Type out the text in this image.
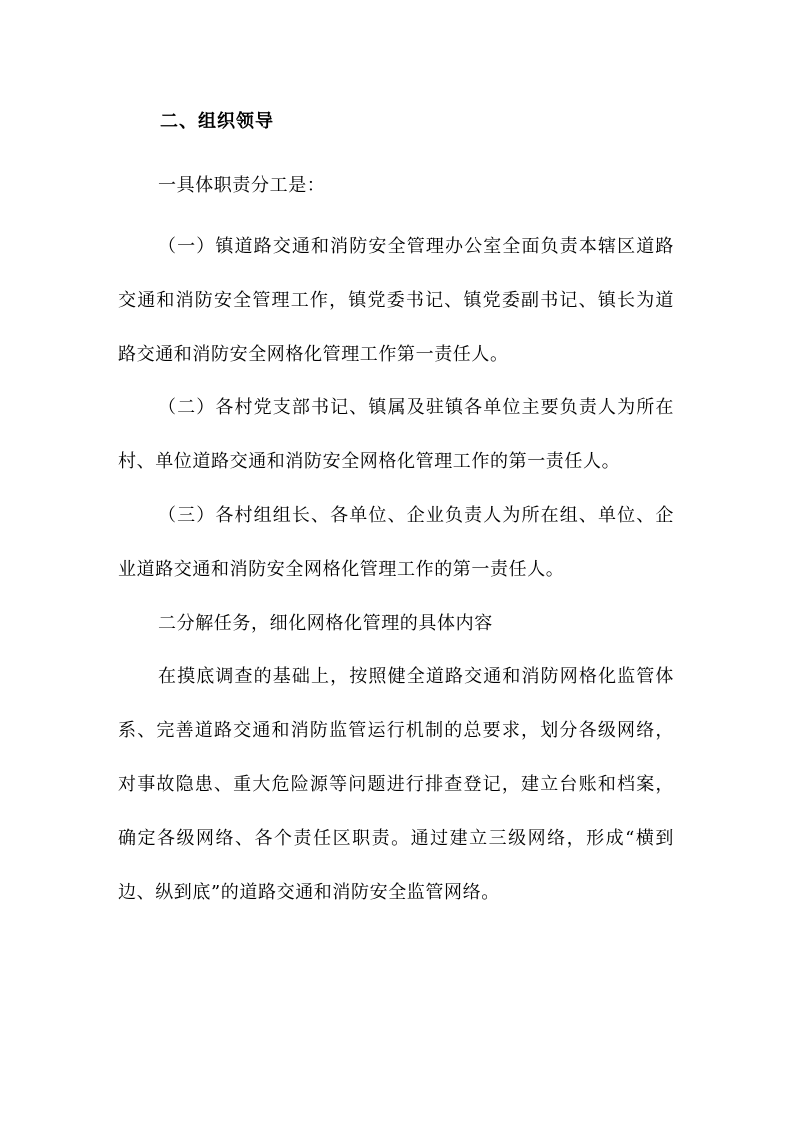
二、组织领导

一具体职责分工是：

（一）镇道路交通和消防安全管理办公室全面负责本辖区道路交通和消防安全管理工作，镇党委书记、镇党委副书记、镇长为道路交通和消防安全网格化管理工作第一责任人。

（二）各村党支部书记、镇属及驻镇各单位主要负责人为所在村、单位道路交通和消防安全网格化管理工作的第一责任人。

（三）各村组组长、各单位、企业负责人为所在组、单位、企业道路交通和消防安全网格化管理工作的第一责任人。

二分解任务，细化网格化管理的具体内容

在摸底调查的基础上，按照健全道路交通和消防网格化监管体系、完善道路交通和消防监管运行机制的总要求，划分各级网络，对事故隐患、重大危险源等问题进行排查登记，建立台账和档案，确定各级网络、各个责任区职责。通过建立三级网络，形成“横到边、纵到底”的道路交通和消防安全监管网络。
